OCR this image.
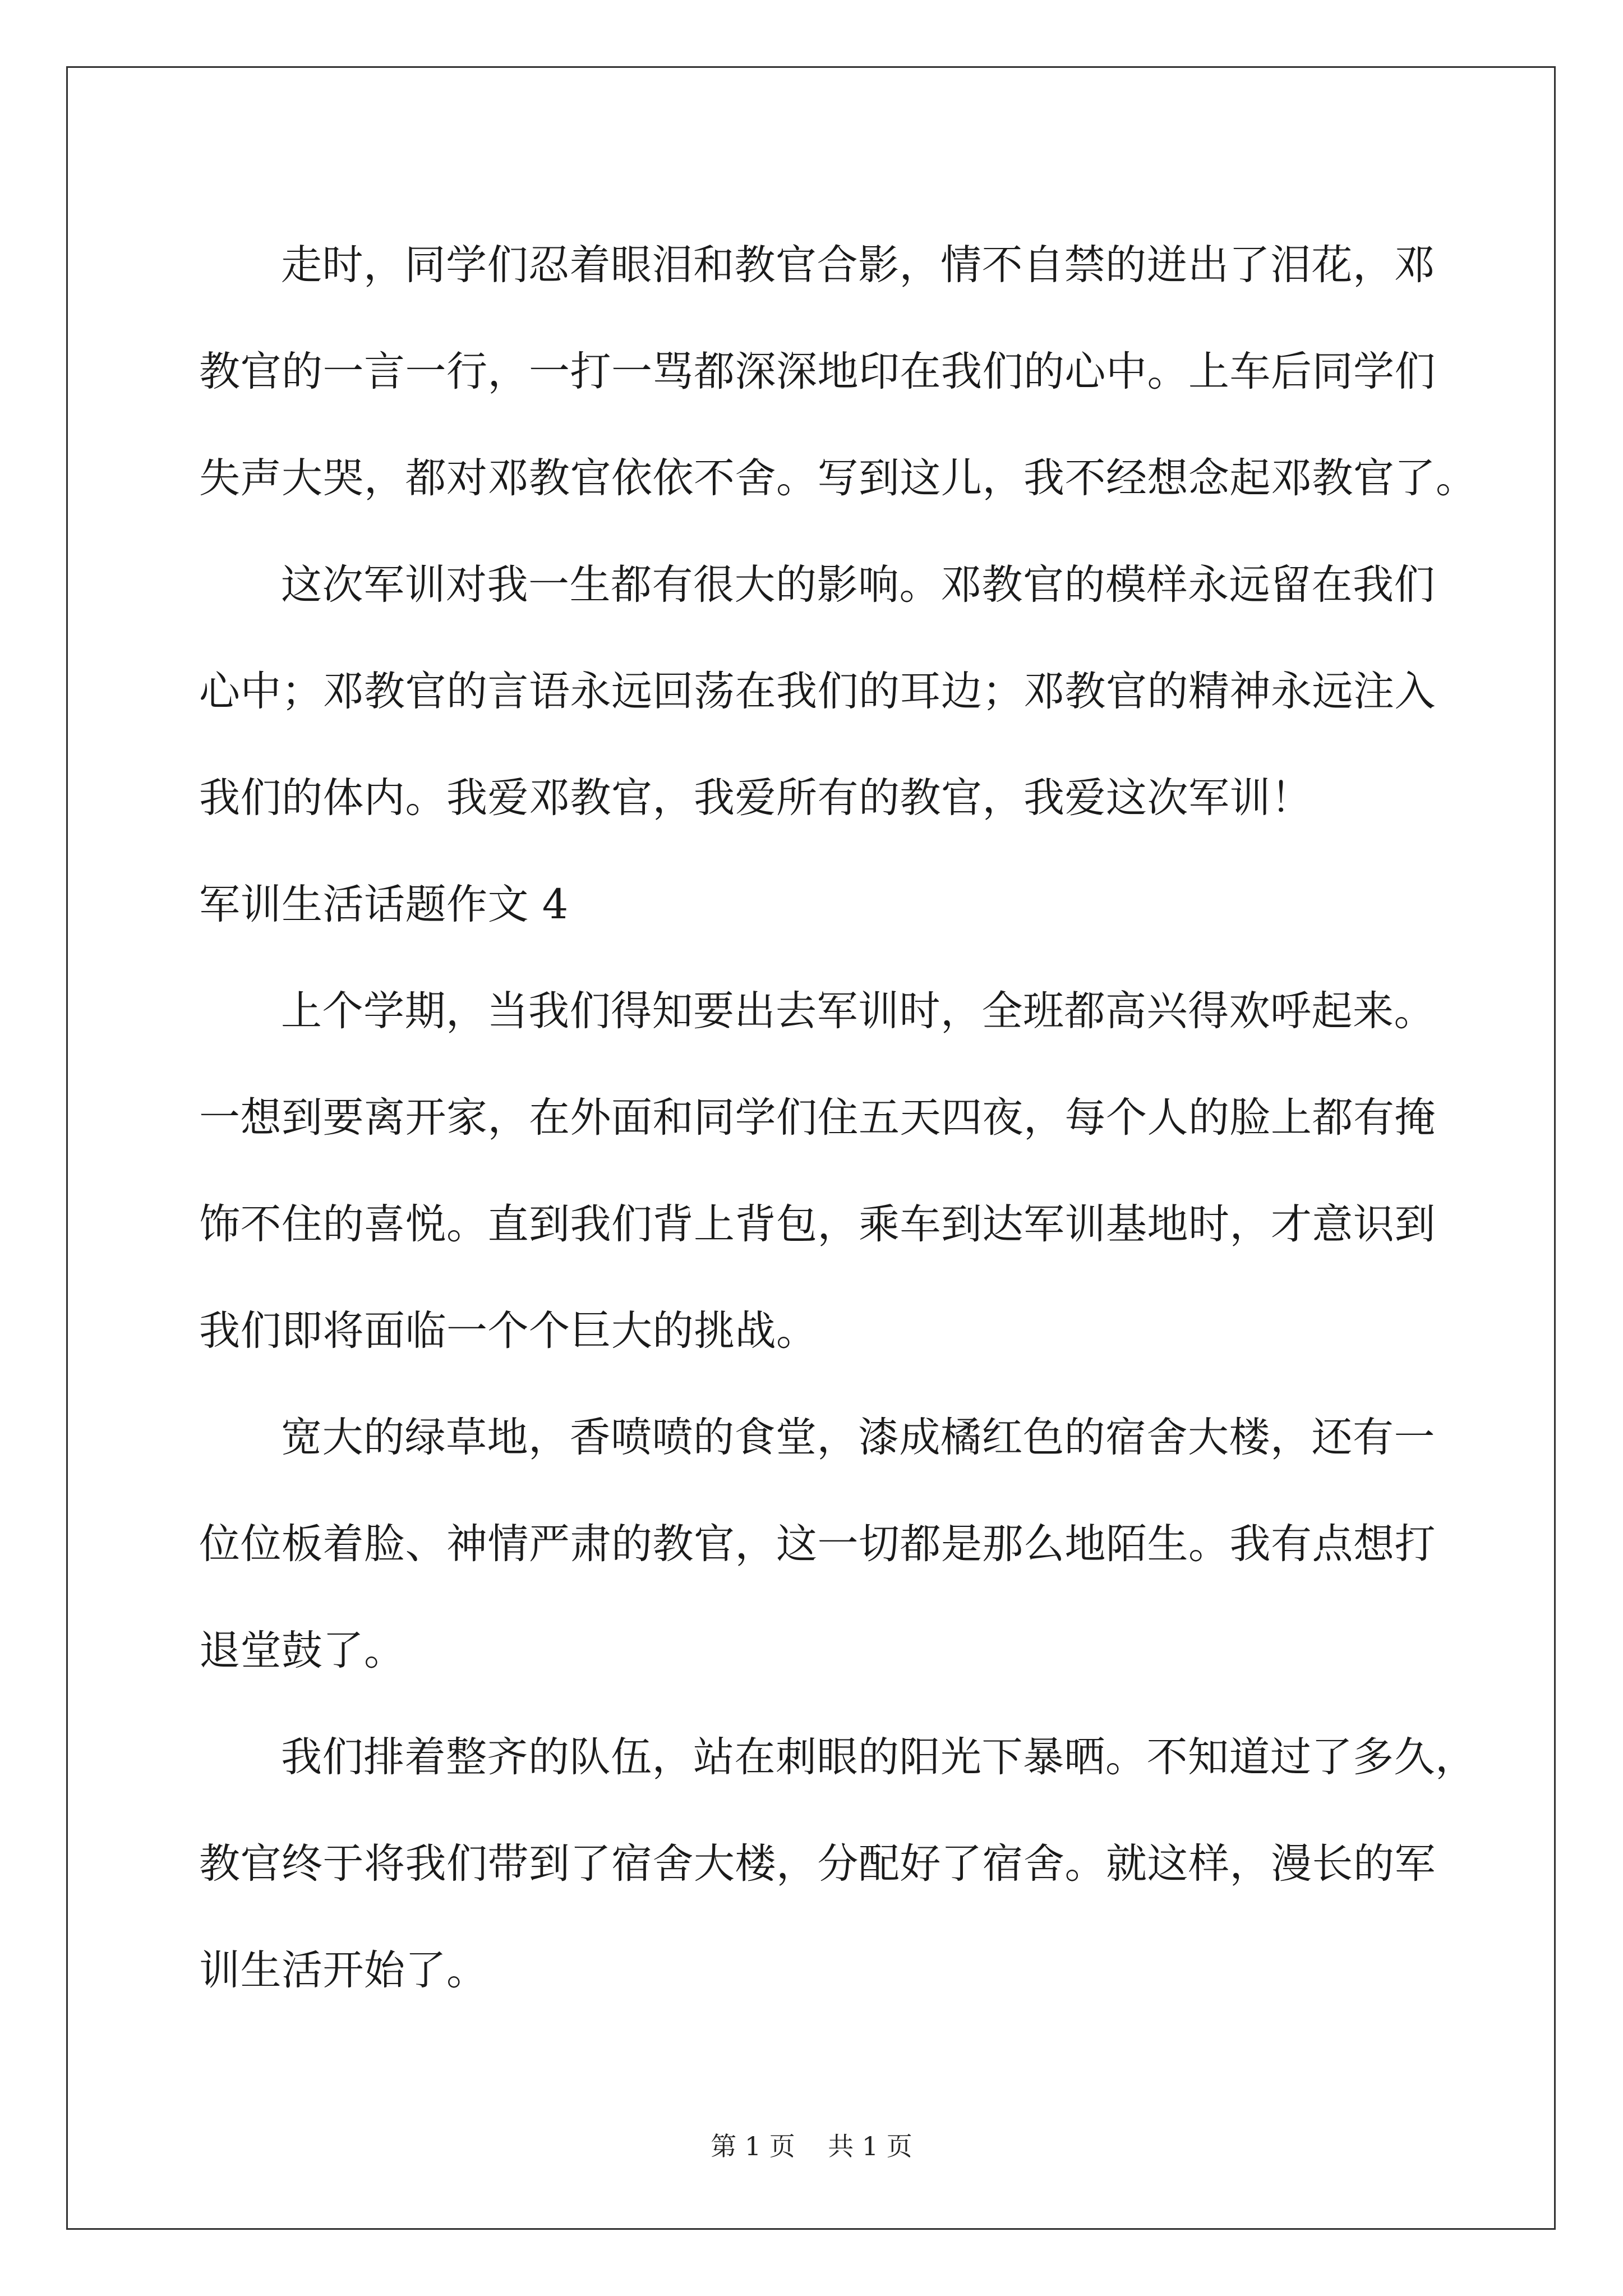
走时，同学们忍着眼泪和教官合影，情不自禁的迸出了泪花，邓
教官的一言一行，一打一骂都深深地印在我们的心中。上车后同学们
失声大哭，都对邓教官依依不舍。写到这儿，我不经想念起邓教官了。
这次军训对我一生都有很大的影响。邓教官的模样永远留在我们
心中；邓教官的言语永远回荡在我们的耳边；邓教官的精神永远注入
我们的体内。我爱邓教官，我爱所有的教官，我爱这次军训！
军训生活话题作文 4
上个学期，当我们得知要出去军训时，全班都高兴得欢呼起来。
一想到要离开家，在外面和同学们住五天四夜，每个人的脸上都有掩
饰不住的喜悦。直到我们背上背包，乘车到达军训基地时，才意识到
我们即将面临一个个巨大的挑战。
宽大的绿草地，香喷喷的食堂，漆成橘红色的宿舍大楼，还有一
位位板着脸、神情严肃的教官，这一切都是那么地陌生。我有点想打
退堂鼓了。
我们排着整齐的队伍，站在刺眼的阳光下暴晒。不知道过了多久，
教官终于将我们带到了宿舍大楼，分配好了宿舍。就这样，漫长的军
训生活开始了。
第 1 页    共 1 页
